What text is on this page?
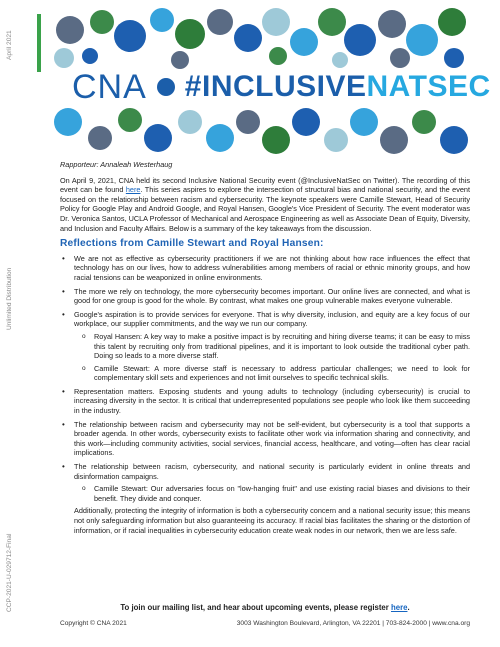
April 2021
Unlimited Distribution
CCP-2021-U-029712-Final
CNA #INCLUSIVENATSEC
Rapporteur: Annaleah Westerhaug

On April 9, 2021, CNA held its second Inclusive National Security event (@InclusiveNatSec on Twitter). The recording of this event can be found here. This series aspires to explore the intersection of structural bias and national security, and the event focused on the relationship between racism and cybersecurity. The keynote speakers were Camille Stewart, Head of Security Policy for Google Play and Android Google, and Royal Hansen, Google's Vice President of Security. The event moderator was Dr. Veronica Santos, UCLA Professor of Mechanical and Aerospace Engineering as well as Associate Dean of Equity, Diversity, and Inclusion and Faculty Affairs. Below is a summary of the key takeaways from the discussion.

Reflections from Camille Stewart and Royal Hansen:
• We are not as effective as cybersecurity practitioners if we are not thinking about how race influences the effect that technology has on our lives, how to address vulnerabilities among members of racial or ethnic minority groups, and how racial tensions can be weaponized in online environments.
• The more we rely on technology, the more cybersecurity becomes important. Our online lives are connected, and what is good for one group is good for the whole. By contrast, what makes one group vulnerable makes everyone vulnerable.
• Google's aspiration is to provide services for everyone. That is why diversity, inclusion, and equity are a key focus of our workplace, our supplier commitments, and the way we run our company.
o Royal Hansen: A key way to make a positive impact is by recruiting and hiring diverse teams; it can be easy to miss this talent by recruiting only from traditional pipelines, and it is important to look outside the traditional cyber path. Doing so leads to a more diverse staff.
o Camille Stewart: A more diverse staff is necessary to address particular challenges; we need to look for complementary skill sets and experiences and not limit ourselves to specific technical skills.
• Representation matters. Exposing students and young adults to technology (including cybersecurity) is crucial to increasing diversity in the sector. It is critical that underrepresented populations see people who look like them succeeding in the industry.
• The relationship between racism and cybersecurity may not be self-evident, but cybersecurity is a tool that supports a broader agenda. In other words, cybersecurity exists to facilitate other work via information sharing and connectivity, and this work—including community activities, social services, financial access, healthcare, and voting—often has clear racial implications.
• The relationship between racism, cybersecurity, and national security is particularly evident in online threats and disinformation campaigns.
o Camille Stewart: Our adversaries focus on "low-hanging fruit" and use existing racial biases and divisions to their benefit. They divide and conquer.
Additionally, protecting the integrity of information is both a cybersecurity concern and a national security issue; this means not only safeguarding information but also guaranteeing its accuracy. If racial bias facilitates the sharing or the distortion of information, or if racial inequalities in cybersecurity education create weak nodes in our network, then we are less safe.
To join our mailing list, and hear about upcoming events, please register here.
Copyright © CNA 2021	3003 Washington Boulevard, Arlington, VA 22201 | 703-824-2000 | www.cna.org
